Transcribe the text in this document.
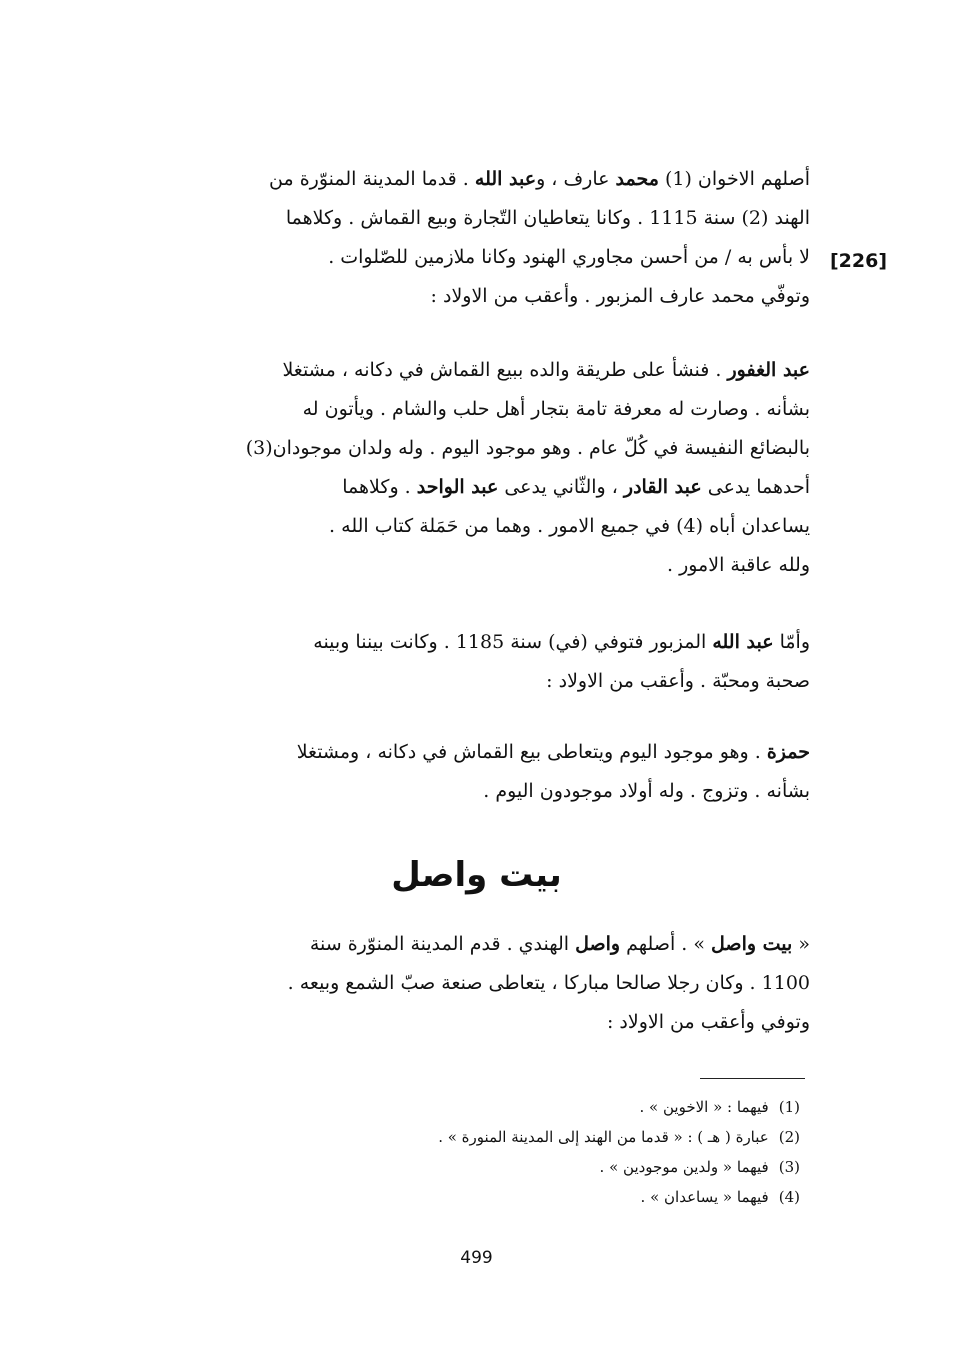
[226]
أصلهم الاخوان (1) محمد عارف ، وعبد الله . قدما المدينة المنوّرة من
الهند (2) سنة 1115 . وكانا يتعاطيان التّجارة وبيع القماش . وكلاهما
لا بأس به / من أحسن مجاوري الهنود وكانا ملازمين للصّلوات .
وتوفّي محمد عارف المزبور . وأعقب من الاولاد :
عبد الغفور . فنشأ على طريقة والده ببيع القماش في دكانه ، مشتغلا
بشأنه . وصارت له معرفة تامة بتجار أهل حلب والشام . ويأتون له
بالبضائع النفيسة في كُلّ عام . وهو موجود اليوم . وله ولدان موجودان(3)
أحدهما يدعى عبد القادر ، والثّاني يدعى عبد الواحد . وكلاهما
يساعدان أباه (4) في جميع الامور . وهما من حَمَلة كتاب الله .
ولله عاقبة الامور .
وأمّا عبد الله المزبور فتوفي (في) سنة 1185 . وكانت بيننا وبينه
صحبة ومحبّة . وأعقب من الاولاد :
حمزة . وهو موجود اليوم ويتعاطى بيع القماش في دكانه ، ومشتغلا
بشأنه . وتزوج . وله أولاد موجودون اليوم .
بيت واصل
« بيت واصل » . أصلهم واصل الهندي . قدم المدينة المنوّرة سنة
1100 . وكان رجلا صالحا مباركا ، يتعاطى صنعة صبّ الشمع وبيعه .
وتوفي وأعقب من الاولاد :
(1)فيهما : « الاخوين » .
(2)عبارة ( هـ ) : « قدما من الهند إلى المدينة المنورة » .
(3)فيهما « ولدين موجودين » .
(4)فيهما « يساعدان » .
499
